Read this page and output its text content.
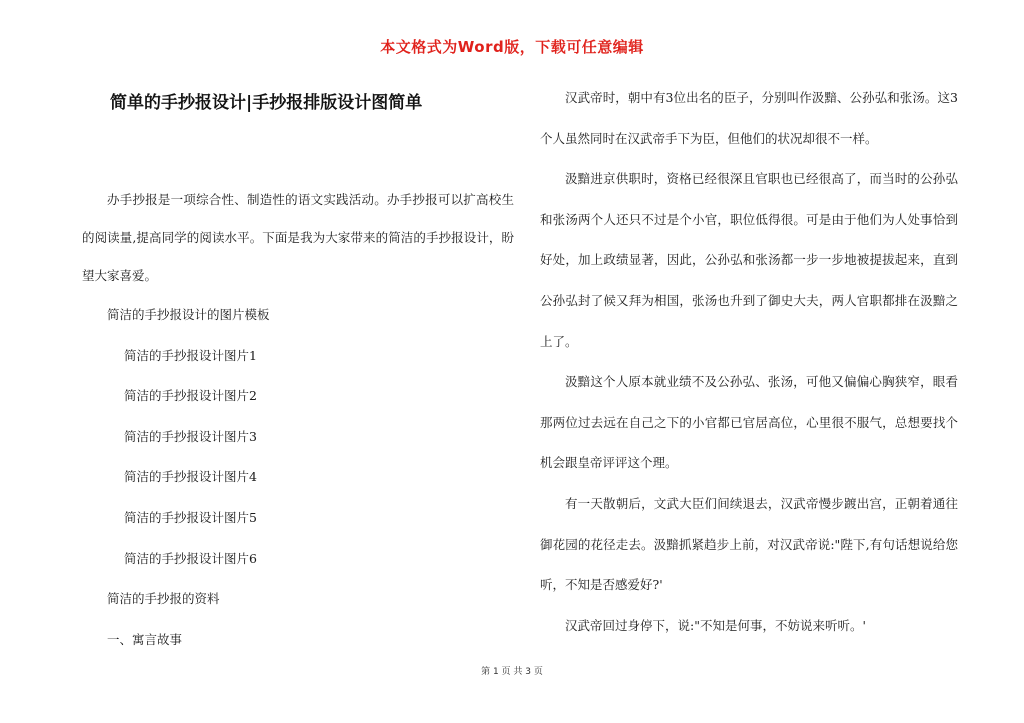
本文格式为Word版，下载可任意编辑
简单的手抄报设计|手抄报排版设计图简单

办手抄报是一项综合性、制造性的语文实践活动。办手抄报可以扩高校生的阅读量,提高同学的阅读水平。下面是我为大家带来的简洁的手抄报设计，盼望大家喜爱。

简洁的手抄报设计的图片模板

简洁的手抄报设计图片1

简洁的手抄报设计图片2

简洁的手抄报设计图片3

简洁的手抄报设计图片4

简洁的手抄报设计图片5

简洁的手抄报设计图片6

简洁的手抄报的资料

一、寓言故事

汉武帝时，朝中有3位出名的臣子，分别叫作汲黯、公孙弘和张汤。这3个人虽然同时在汉武帝手下为臣，但他们的状况却很不一样。

汲黯进京供职时，资格已经很深且官职也已经很高了，而当时的公孙弘和张汤两个人还只不过是个小官，职位低得很。可是由于他们为人处事恰到好处，加上政绩显著，因此，公孙弘和张汤都一步一步地被提拔起来，直到公孙弘封了候又拜为相国，张汤也升到了御史大夫，两人官职都排在汲黯之上了。

汲黯这个人原本就业绩不及公孙弘、张汤，可他又偏偏心胸狭窄，眼看那两位过去远在自己之下的小官都已官居高位，心里很不服气，总想要找个机会跟皇帝评评这个理。

有一天散朝后，文武大臣们间续退去，汉武帝慢步踱出宫，正朝着通往御花园的花径走去。汲黯抓紧趋步上前，对汉武帝说:"陛下,有句话想说给您听，不知是否感爱好?'

汉武帝回过身停下，说:"不知是何事，不妨说来听听。'

第 1 页 共 3 页
